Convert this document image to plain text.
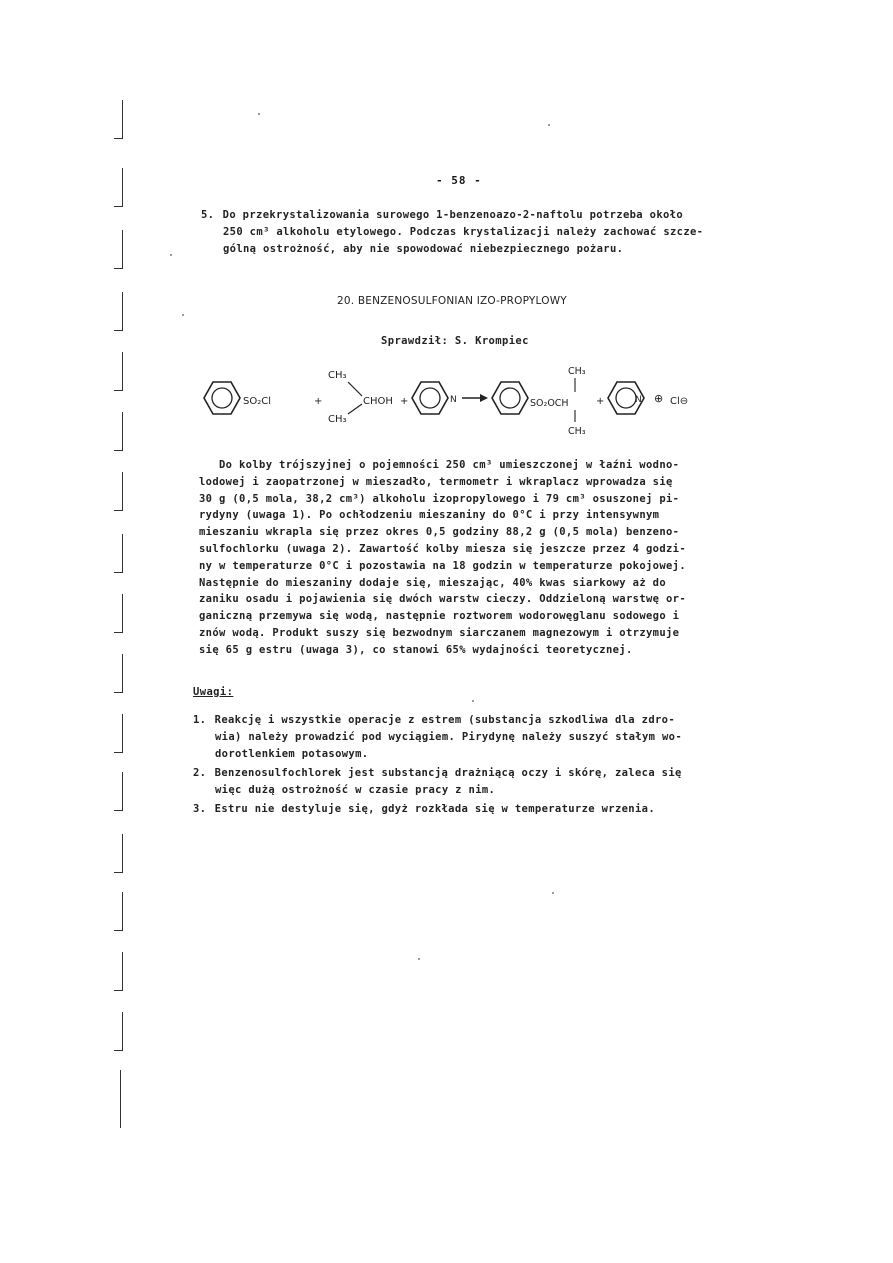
- 58 -
5. Do przekrystalizowania surowego 1-benzenoazo-2-naftolu potrzeba około
250 cm³ alkoholu etylowego. Podczas krystalizacji należy zachować szcze-
gólną ostrożność, aby nie spowodować niebezpiecznego pożaru.
20. BENZENOSULFONIAN IZO-PROPYLOWY
Sprawdził: S. Krompiec
SO₂Cl	+
CH₃
CHOH
CH₃
+	N	SO₂OCH
CH₃
CH₃
+	N ⊕ Cl⊖
Do kolby trójszyjnej o pojemności 250 cm³ umieszczonej w łaźni wodno-
lodowej i zaopatrzonej w mieszadło, termometr i wkraplacz wprowadza się
30 g (0,5 mola, 38,2 cm³) alkoholu izopropylowego i 79 cm³ osuszonej pi-
rydyny (uwaga 1). Po ochłodzeniu mieszaniny do 0°C i przy intensywnym
mieszaniu wkrapla się przez okres 0,5 godziny 88,2 g (0,5 mola) benzeno-
sulfochlorku (uwaga 2). Zawartość kolby miesza się jeszcze przez 4 godzi-
ny w temperaturze 0°C i pozostawia na 18 godzin w temperaturze pokojowej.
Następnie do mieszaniny dodaje się, mieszając, 40% kwas siarkowy aż do
zaniku osadu i pojawienia się dwóch warstw cieczy. Oddzieloną warstwę or-
ganiczną przemywa się wodą, następnie roztworem wodorowęglanu sodowego i
znów wodą. Produkt suszy się bezwodnym siarczanem magnezowym i otrzymuje
się 65 g estru (uwaga 3), co stanowi 65% wydajności teoretycznej.
Uwagi:
1. Reakcję i wszystkie operacje z estrem (substancja szkodliwa dla zdro-
wia) należy prowadzić pod wyciągiem. Pirydynę należy suszyć stałym wo-
dorotlenkiem potasowym.
2. Benzenosulfochlorek jest substancją drażniącą oczy i skórę, zaleca się
więc dużą ostrożność w czasie pracy z nim.
3. Estru nie destyluje się, gdyż rozkłada się w temperaturze wrzenia.
